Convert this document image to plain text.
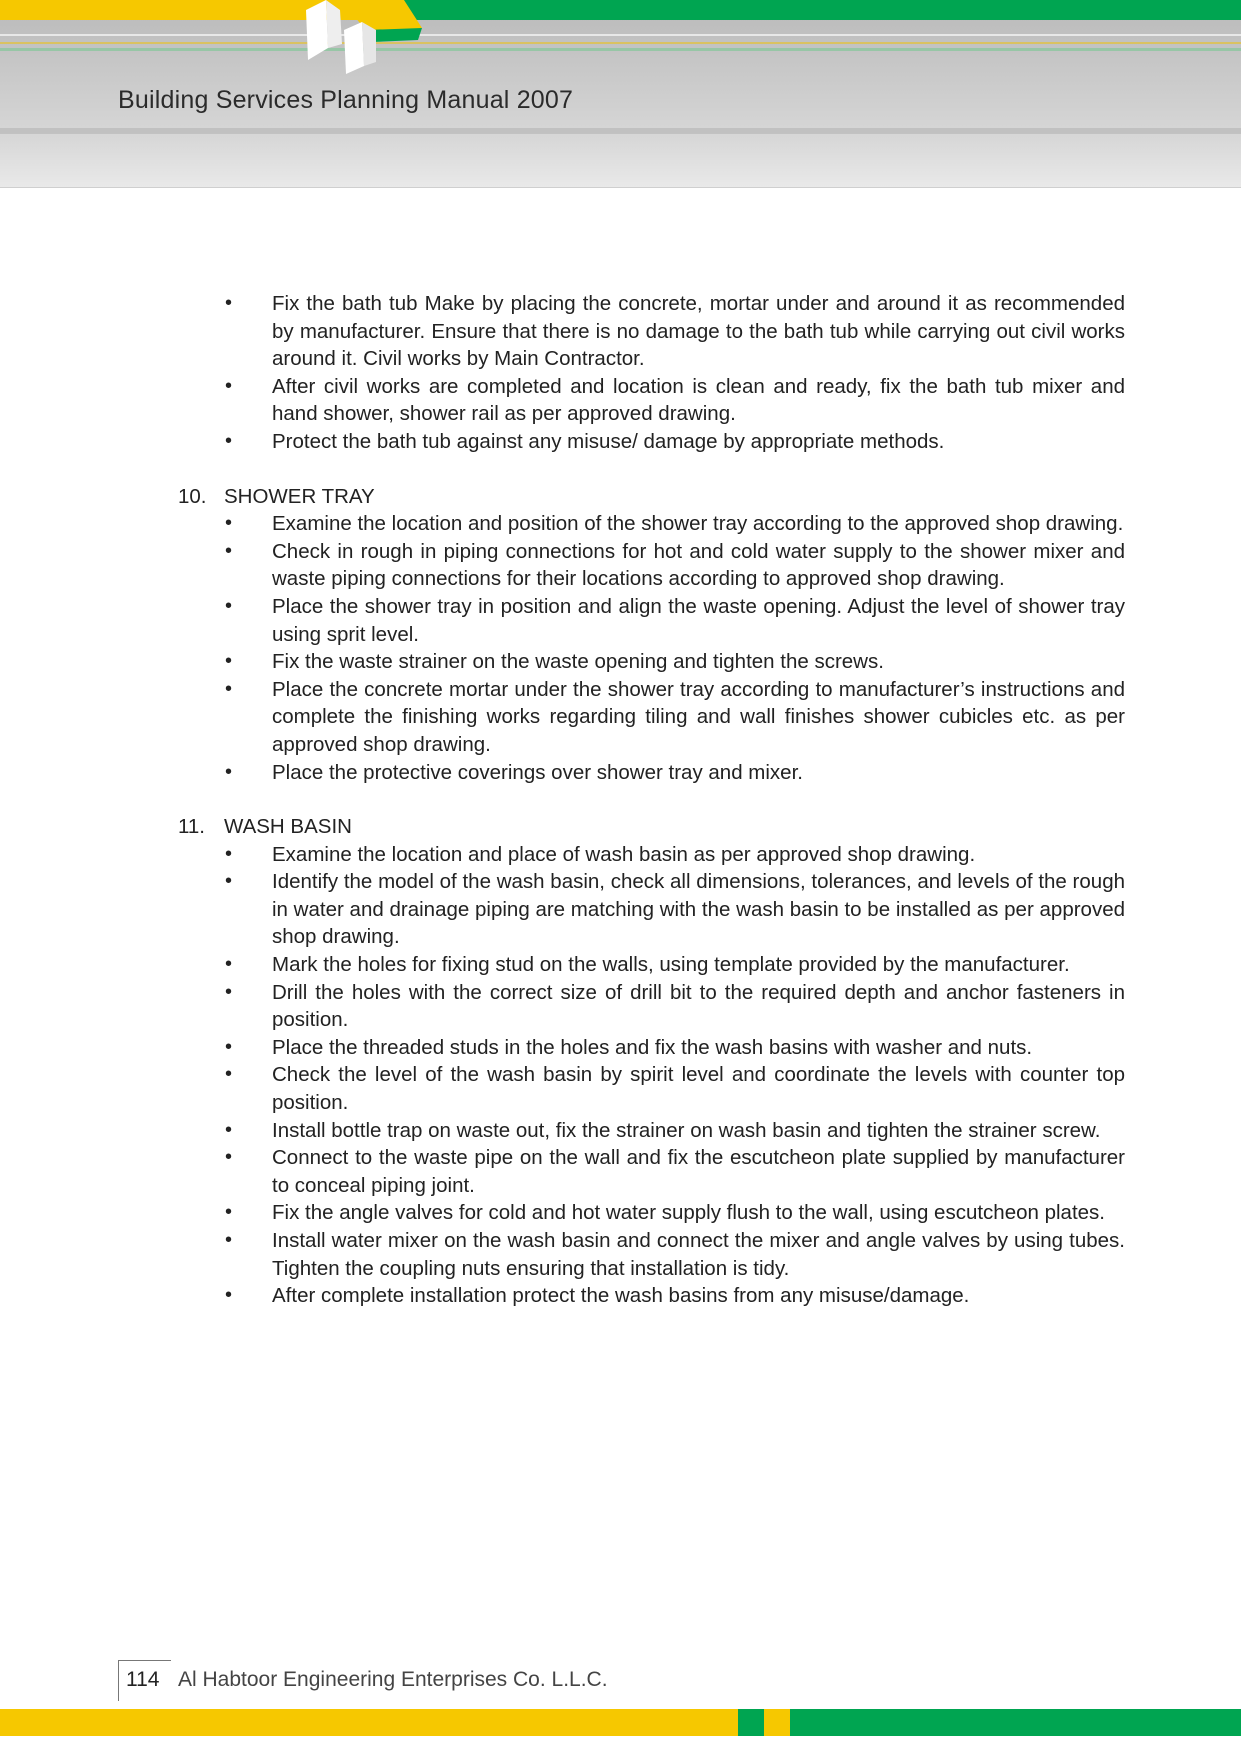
Building Services Planning Manual 2007
• Fix the bath tub Make by placing the concrete, mortar under and around it as recommended by manufacturer. Ensure that there is no damage to the bath tub while carrying out civil works around it. Civil works by Main Contractor.
• After civil works are completed and location is clean and ready, fix the bath tub mixer and hand shower, shower rail as per approved drawing.
• Protect the bath tub against any misuse/ damage by appropriate methods.
10. SHOWER TRAY
• Examine the location and position of the shower tray according to the approved shop drawing.
• Check in rough in piping connections for hot and cold water supply to the shower mixer and waste piping connections for their locations according to approved shop drawing.
• Place the shower tray in position and align the waste opening. Adjust the level of shower tray using sprit level.
• Fix the waste strainer on the waste opening and tighten the screws.
• Place the concrete mortar under the shower tray according to manufacturer’s instructions and complete the finishing works regarding tiling and wall finishes shower cubicles etc. as per approved shop drawing.
• Place the protective coverings over shower tray and mixer.
11. WASH BASIN
• Examine the location and place of wash basin as per approved shop drawing.
• Identify the model of the wash basin, check all dimensions, tolerances, and levels of the rough in water and drainage piping are matching with the wash basin to be installed as per approved shop drawing.
• Mark the holes for fixing stud on the walls, using template provided by the manufacturer.
• Drill the holes with the correct size of drill bit to the required depth and anchor fasteners in position.
• Place the threaded studs in the holes and fix the wash basins with washer and nuts.
• Check the level of the wash basin by spirit level and coordinate the levels with counter top position.
• Install bottle trap on waste out, fix the strainer on wash basin and tighten the strainer screw.
• Connect to the waste pipe on the wall and fix the escutcheon plate supplied by manufacturer to conceal piping joint.
• Fix the angle valves for cold and hot water supply flush to the wall, using escutcheon plates.
• Install water mixer on the wash basin and connect the mixer and angle valves by using tubes. Tighten the coupling nuts ensuring that installation is tidy.
• After complete installation protect the wash basins from any misuse/damage.
114 Al Habtoor Engineering Enterprises Co. L.L.C.
